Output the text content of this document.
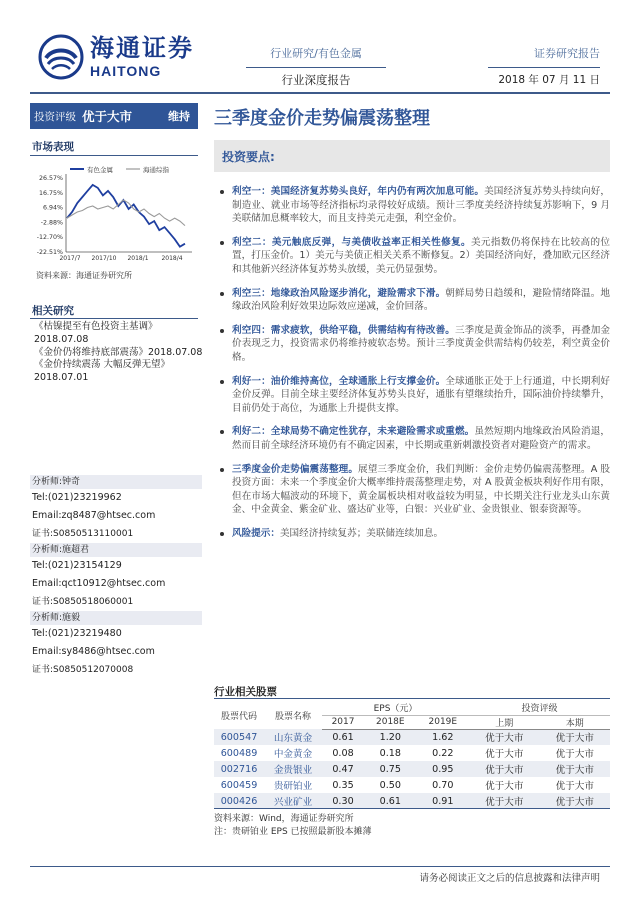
海通证券
HAITONG
行业研究/有色金属
行业深度报告
证券研究报告
2018 年 07 月 11 日
投资评级 优于大市	维持
市场表现
有色金属	海通综指
26.57%
16.75%
6.94%
-2.88%
-12.70%
-22.51%
2017/7 2017/10 2018/1 2018/4
资料来源：海通证券研究所
相关研究
《枯镍提至有色投资主基调》2018.07.08
《金价仍将维持底部震荡》2018.07.08
《金价持续震荡 大幅反弹无望》
2018.07.01
分析师:钟奇
Tel:(021)23219962
Email:zq8487@htsec.com
证书:S0850513110001
分析师:施超君
Tel:(021)23154129
Email:qct10912@htsec.com
证书:S0850518060001
分析师:施毅
Tel:(021)23219480
Email:sy8486@htsec.com
证书:S0850512070008
三季度金价走势偏震荡整理
投资要点:
利空一：美国经济复苏势头良好，年内仍有两次加息可能。美国经济复苏势头持续向好，制造业、就业市场等经济指标均录得较好成绩。预计三季度美经济持续复苏影响下，9 月美联储加息概率较大，而且支持美元走强，利空金价。
利空二：美元触底反弹，与美债收益率正相关性修复。美元指数仍将保持在比较高的位置，打压金价。1）美元与美债正相关关系不断修复。2）美国经济向好，叠加欧元区经济和其他新兴经济体复苏势头放缓，美元仍显强势。
利空三：地缘政治风险逐步消化，避险需求下滑。朝鲜局势日趋缓和，避险情绪降温。地缘政治风险利好效果边际效应递减，金价回落。
利空四：需求疲软，供给平稳，供需结构有待改善。三季度是黄金饰品的淡季，再叠加金价表现乏力，投资需求仍将维持疲软态势。预计三季度黄金供需结构仍较差，利空黄金价格。
利好一：油价维持高位，全球通胀上行支撑金价。全球通胀正处于上行通道，中长期利好金价反弹。目前全球主要经济体复苏势头良好，通胀有望继续抬升，国际油价持续攀升，目前仍处于高位，为通胀上升提供支撑。
利好二：全球局势不确定性犹存，未来避险需求或重燃。虽然短期内地缘政治风险消退，然而目前全球经济环境仍有不确定因素，中长期或重新刺激投资者对避险资产的需求。
三季度金价走势偏震荡整理。展望三季度金价，我们判断：金价走势仍偏震荡整理。A 股投资方面：未来一个季度金价大概率维持震荡整理走势，对 A 股黄金板块利好作用有限，但在市场大幅波动的环境下，黄金属板块相对收益较为明显，中长期关注行业龙头山东黄金、中金黄金、紫金矿业、盛达矿业等，白银：兴业矿业、金贵银业、银泰资源等。
风险提示：美国经济持续复苏；美联储连续加息。
行业相关股票
股票代码	股票名称	EPS（元）			投资评级	
		2017	2018E	2019E	上期	本期
600547	山东黄金	0.61	1.20	1.62	优于大市	优于大市
600489	中金黄金	0.08	0.18	0.22	优于大市	优于大市
002716	金贵银业	0.47	0.75	0.95	优于大市	优于大市
600459	贵研铂业	0.35	0.50	0.70	优于大市	优于大市
000426	兴业矿业	0.30	0.61	0.91	优于大市	优于大市
资料来源：Wind，海通证券研究所
注：贵研铂业 EPS 已按照最新股本摊薄
请务必阅读正文之后的信息披露和法律声明
